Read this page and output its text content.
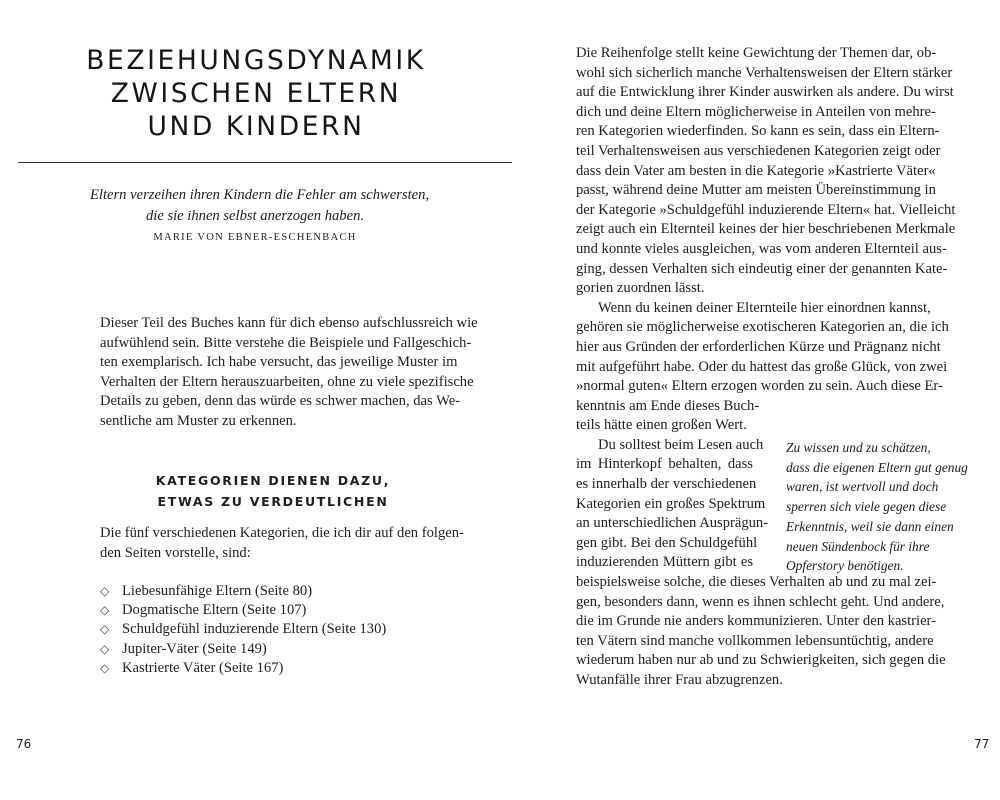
BEZIEHUNGSDYNAMIK
ZWISCHEN ELTERN
UND KINDERN
Eltern verzeihen ihren Kindern die Fehler am schwersten,
die sie ihnen selbst anerzogen haben.
MARIE VON EBNER-ESCHENBACH
Dieser Teil des Buches kann für dich ebenso aufschlussreich wie
aufwühlend sein. Bitte verstehe die Beispiele und Fallgeschich-
ten exemplarisch. Ich habe versucht, das jeweilige Muster im
Verhalten der Eltern herauszuarbeiten, ohne zu viele spezifische
Details zu geben, denn das würde es schwer machen, das We-
sentliche am Muster zu erkennen.
KATEGORIEN DIENEN DAZU,
ETWAS ZU VERDEUTLICHEN
Die fünf verschiedenen Kategorien, die ich dir auf den folgen-
den Seiten vorstelle, sind:
◇ Liebesunfähige Eltern (Seite 80)
◇ Dogmatische Eltern (Seite 107)
◇ Schuldgefühl induzierende Eltern (Seite 130)
◇ Jupiter-Väter (Seite 149)
◇ Kastrierte Väter (Seite 167)
76
Die Reihenfolge stellt keine Gewichtung der Themen dar, ob-
wohl sich sicherlich manche Verhaltensweisen der Eltern stärker
auf die Entwicklung ihrer Kinder auswirken als andere. Du wirst
dich und deine Eltern möglicherweise in Anteilen von mehre-
ren Kategorien wiederfinden. So kann es sein, dass ein Eltern-
teil Verhaltensweisen aus verschiedenen Kategorien zeigt oder
dass dein Vater am besten in die Kategorie »Kastrierte Väter«
passt, während deine Mutter am meisten Übereinstimmung in
der Kategorie »Schuldgefühl induzierende Eltern« hat. Vielleicht
zeigt auch ein Elternteil keines der hier beschriebenen Merkmale
und konnte vieles ausgleichen, was vom anderen Elternteil aus-
ging, dessen Verhalten sich eindeutig einer der genannten Kate-
gorien zuordnen lässt.
Wenn du keinen deiner Elternteile hier einordnen kannst,
gehören sie möglicherweise exotischeren Kategorien an, die ich
hier aus Gründen der erforderlichen Kürze und Prägnanz nicht
mit aufgeführt habe. Oder du hattest das große Glück, von zwei
»normal guten« Eltern erzogen worden zu sein. Auch diese Er-
kenntnis am Ende dieses Buch-
teils hätte einen großen Wert.
Du solltest beim Lesen auch
im Hinterkopf behalten, dass
es innerhalb der verschiedenen
Kategorien ein großes Spektrum
an unterschiedlichen Ausprägun-
gen gibt. Bei den Schuldgefühl
induzierenden Müttern gibt es
beispielsweise solche, die dieses Verhalten ab und zu mal zei-
gen, besonders dann, wenn es ihnen schlecht geht. Und andere,
die im Grunde nie anders kommunizieren. Unter den kastrier-
ten Vätern sind manche vollkommen lebensuntüchtig, andere
wiederum haben nur ab und zu Schwierigkeiten, sich gegen die
Wutanfälle ihrer Frau abzugrenzen.
Zu wissen und zu schätzen,
dass die eigenen Eltern gut genug
waren, ist wertvoll und doch
sperren sich viele gegen diese
Erkenntnis, weil sie dann einen
neuen Sündenbock für ihre
Opferstory benötigen.
77
